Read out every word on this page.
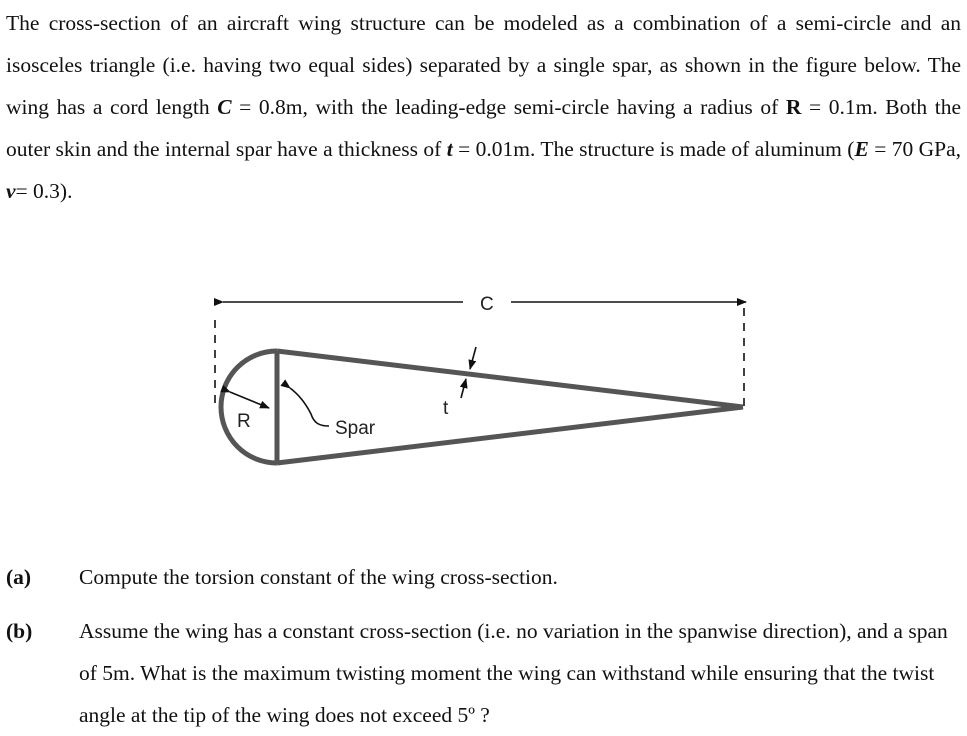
The cross-section of an aircraft wing structure can be modeled as a combination of a semi-circle and an isosceles triangle (i.e. having two equal sides) separated by a single spar, as shown in the figure below. The wing has a cord length C = 0.8m, with the leading-edge semi-circle having a radius of R = 0.1m. Both the outer skin and the internal spar have a thickness of t = 0.01m. The structure is made of aluminum (E = 70 GPa, ν= 0.3).

C
R	Spar
t
(a) Compute the torsion constant of the wing cross-section.
(b) Assume the wing has a constant cross-section (i.e. no variation in the spanwise direction), and a span of 5m. What is the maximum twisting moment the wing can withstand while ensuring that the twist angle at the tip of the wing does not exceed 5º ?
